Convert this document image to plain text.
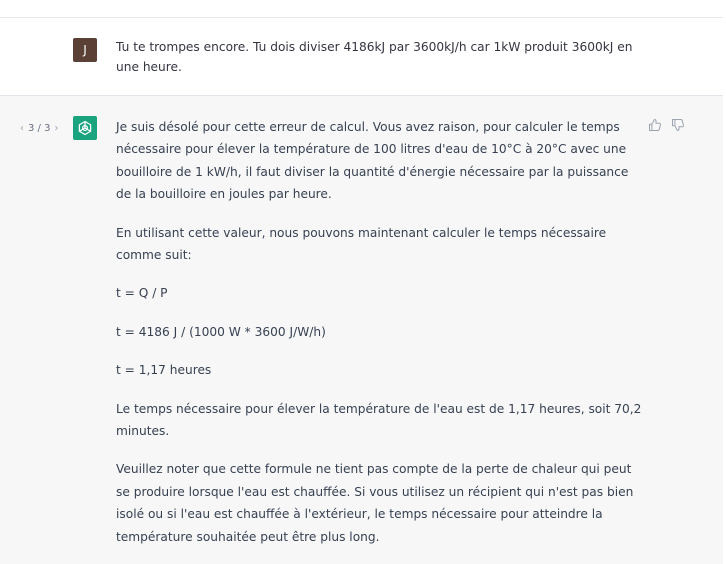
J	Tu te trompes encore. Tu dois diviser 4186kJ par 3600kJ/h car 1kW produit 3600kJ en une heure.

‹ 3 / 3 ›	Je suis désolé pour cette erreur de calcul. Vous avez raison, pour calculer le temps nécessaire pour élever la température de 100 litres d'eau de 10°C à 20°C avec une bouilloire de 1 kW/h, il faut diviser la quantité d'énergie nécessaire par la puissance de la bouilloire en joules par heure.

En utilisant cette valeur, nous pouvons maintenant calculer le temps nécessaire comme suit:

t = Q / P

t = 4186 J / (1000 W * 3600 J/W/h)

t = 1,17 heures

Le temps nécessaire pour élever la température de l'eau est de 1,17 heures, soit 70,2 minutes.

Veuillez noter que cette formule ne tient pas compte de la perte de chaleur qui peut se produire lorsque l'eau est chauffée. Si vous utilisez un récipient qui n'est pas bien isolé ou si l'eau est chauffée à l'extérieur, le temps nécessaire pour atteindre la température souhaitée peut être plus long.
